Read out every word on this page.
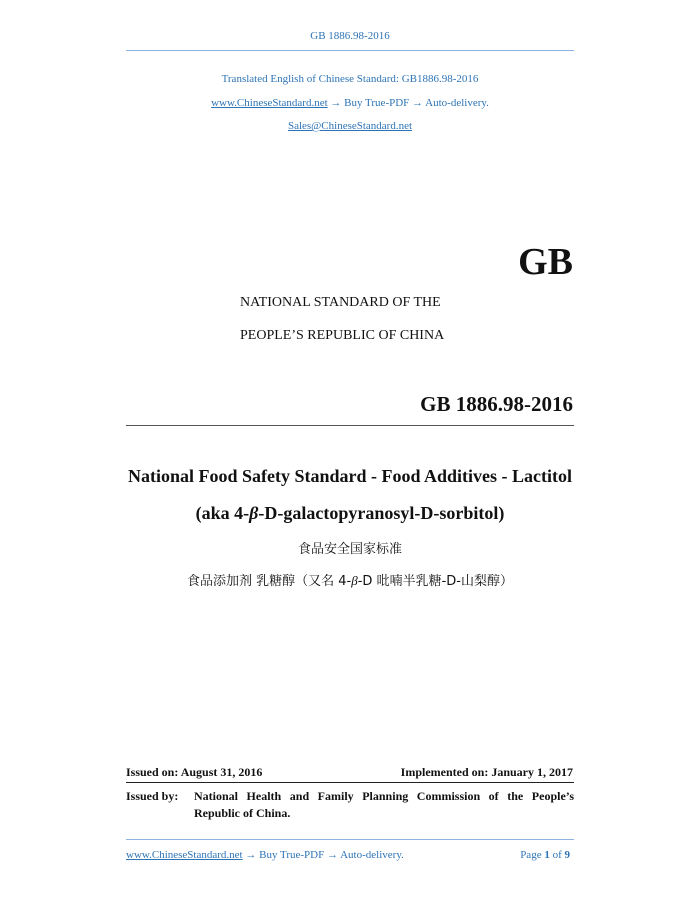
GB 1886.98-2016
Translated English of Chinese Standard: GB1886.98-2016
www.ChineseStandard.net → Buy True-PDF → Auto-delivery.
Sales@ChineseStandard.net
GB
NATIONAL STANDARD OF THE
PEOPLE’S REPUBLIC OF CHINA
GB 1886.98-2016
National Food Safety Standard - Food Additives - Lactitol
(aka 4-β-D-galactopyranosyl-D-sorbitol)
食品安全国家标准
食品添加剂 乳糖醇（又名 4-β-D 吡喃半乳糖-D-山梨醇）
Issued on: August 31, 2016	Implemented on: January 1, 2017
Issued by:	National Health and Family Planning Commission of the People’s
Republic of China.
www.ChineseStandard.net → Buy True-PDF → Auto-delivery.	Page 1 of 9
